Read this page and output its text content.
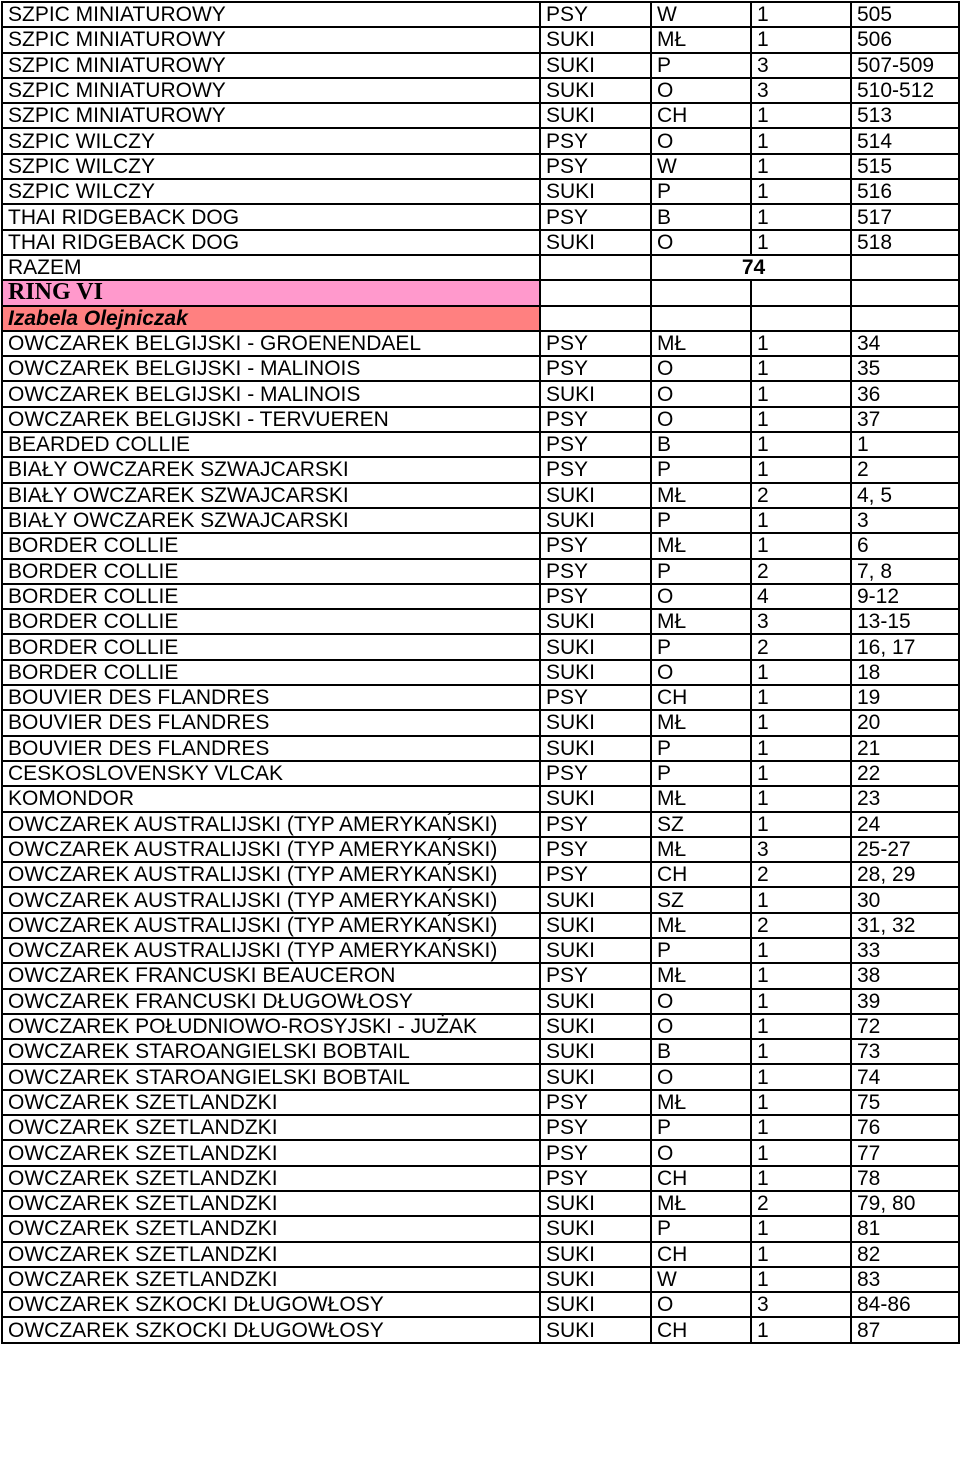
SZPIC MINIATUROWY	PSY	W	1	505
SZPIC MINIATUROWY	SUKI	MŁ	1	506
SZPIC MINIATUROWY	SUKI	P	3	507-509
SZPIC MINIATUROWY	SUKI	O	3	510-512
SZPIC MINIATUROWY	SUKI	CH	1	513
SZPIC WILCZY	PSY	O	1	514
SZPIC WILCZY	PSY	W	1	515
SZPIC WILCZY	SUKI	P	1	516
THAI RIDGEBACK DOG	PSY	B	1	517
THAI RIDGEBACK DOG	SUKI	O	1	518
RAZEM		74		
RING VI				
Izabela Olejniczak				
OWCZAREK BELGIJSKI - GROENENDAEL	PSY	MŁ	1	34
OWCZAREK BELGIJSKI - MALINOIS	PSY	O	1	35
OWCZAREK BELGIJSKI - MALINOIS	SUKI	O	1	36
OWCZAREK BELGIJSKI - TERVUEREN	PSY	O	1	37
BEARDED COLLIE	PSY	B	1	1
BIAŁY OWCZAREK SZWAJCARSKI	PSY	P	1	2
BIAŁY OWCZAREK SZWAJCARSKI	SUKI	MŁ	2	4, 5
BIAŁY OWCZAREK SZWAJCARSKI	SUKI	P	1	3
BORDER COLLIE	PSY	MŁ	1	6
BORDER COLLIE	PSY	P	2	7, 8
BORDER COLLIE	PSY	O	4	9-12
BORDER COLLIE	SUKI	MŁ	3	13-15
BORDER COLLIE	SUKI	P	2	16, 17
BORDER COLLIE	SUKI	O	1	18
BOUVIER DES FLANDRES	PSY	CH	1	19
BOUVIER DES FLANDRES	SUKI	MŁ	1	20
BOUVIER DES FLANDRES	SUKI	P	1	21
CESKOSLOVENSKY VLCAK	PSY	P	1	22
KOMONDOR	SUKI	MŁ	1	23
OWCZAREK AUSTRALIJSKI (TYP AMERYKAŃSKI)	PSY	SZ	1	24
OWCZAREK AUSTRALIJSKI (TYP AMERYKAŃSKI)	PSY	MŁ	3	25-27
OWCZAREK AUSTRALIJSKI (TYP AMERYKAŃSKI)	PSY	CH	2	28, 29
OWCZAREK AUSTRALIJSKI (TYP AMERYKAŃSKI)	SUKI	SZ	1	30
OWCZAREK AUSTRALIJSKI (TYP AMERYKAŃSKI)	SUKI	MŁ	2	31, 32
OWCZAREK AUSTRALIJSKI (TYP AMERYKAŃSKI)	SUKI	P	1	33
OWCZAREK FRANCUSKI BEAUCERON	PSY	MŁ	1	38
OWCZAREK FRANCUSKI DŁUGOWŁOSY	SUKI	O	1	39
OWCZAREK POŁUDNIOWO-ROSYJSKI - JUŻAK	SUKI	O	1	72
OWCZAREK STAROANGIELSKI BOBTAIL	SUKI	B	1	73
OWCZAREK STAROANGIELSKI BOBTAIL	SUKI	O	1	74
OWCZAREK SZETLANDZKI	PSY	MŁ	1	75
OWCZAREK SZETLANDZKI	PSY	P	1	76
OWCZAREK SZETLANDZKI	PSY	O	1	77
OWCZAREK SZETLANDZKI	PSY	CH	1	78
OWCZAREK SZETLANDZKI	SUKI	MŁ	2	79, 80
OWCZAREK SZETLANDZKI	SUKI	P	1	81
OWCZAREK SZETLANDZKI	SUKI	CH	1	82
OWCZAREK SZETLANDZKI	SUKI	W	1	83
OWCZAREK SZKOCKI DŁUGOWŁOSY	SUKI	O	3	84-86
OWCZAREK SZKOCKI DŁUGOWŁOSY	SUKI	CH	1	87
